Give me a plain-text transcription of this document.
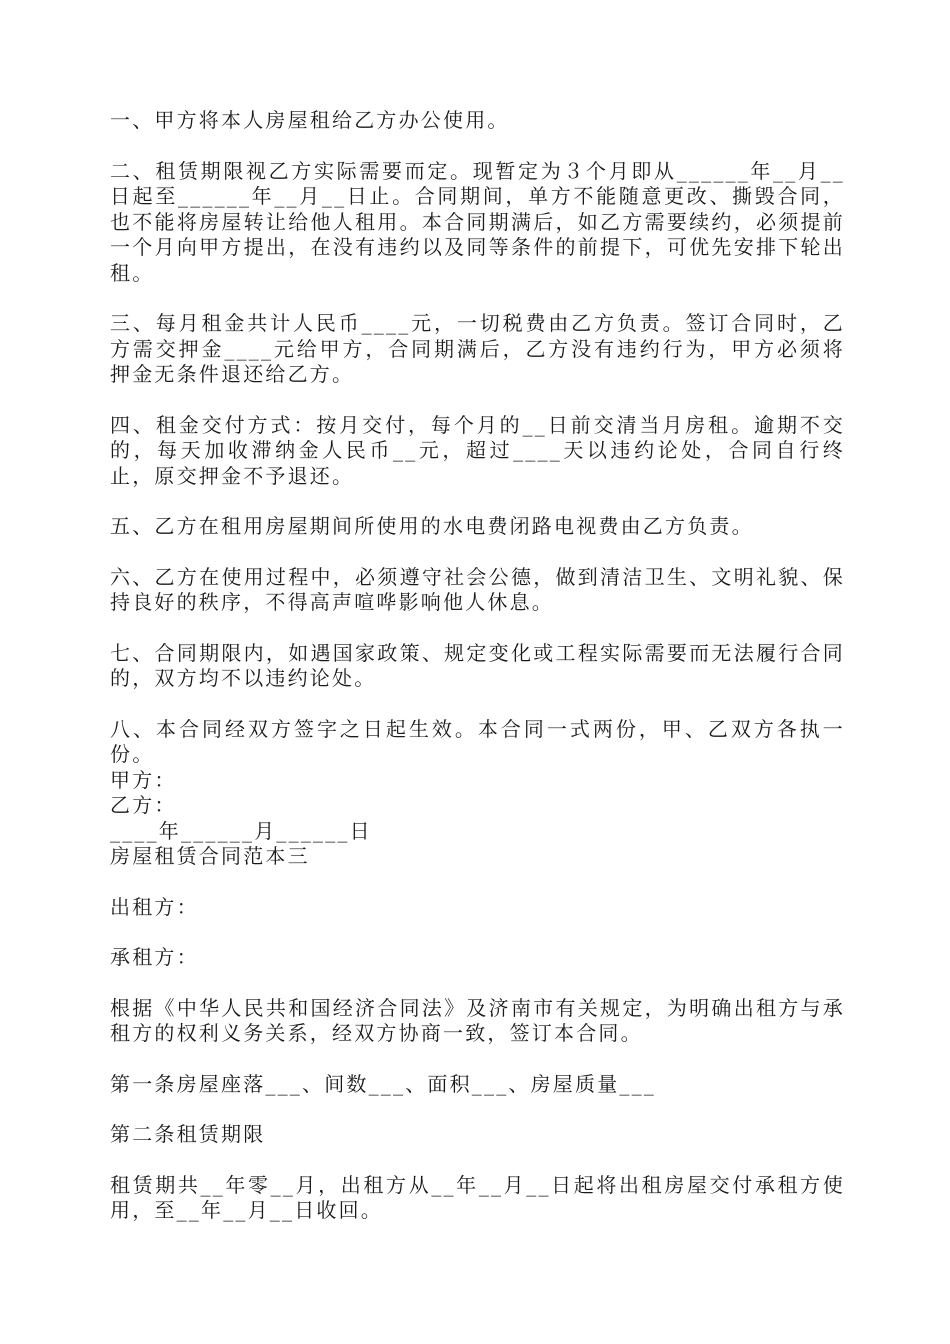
一、甲方将本人房屋租给乙方办公使用。

二、租赁期限视乙方实际需要而定。现暂定为３个月即从______年__月__日起至______年__月__日止。合同期间，单方不能随意更改、撕毁合同，也不能将房屋转让给他人租用。本合同期满后，如乙方需要续约，必须提前一个月向甲方提出，在没有违约以及同等条件的前提下，可优先安排下轮出租。

三、每月租金共计人民币____元，一切税费由乙方负责。签订合同时，乙方需交押金____元给甲方，合同期满后，乙方没有违约行为，甲方必须将押金无条件退还给乙方。

四、租金交付方式：按月交付，每个月的__日前交清当月房租。逾期不交的，每天加收滞纳金人民币__元，超过____天以违约论处，合同自行终止，原交押金不予退还。

五、乙方在租用房屋期间所使用的水电费闭路电视费由乙方负责。

六、乙方在使用过程中，必须遵守社会公德，做到清洁卫生、文明礼貌、保持良好的秩序，不得高声喧哗影响他人休息。

七、合同期限内，如遇国家政策、规定变化或工程实际需要而无法履行合同的，双方均不以违约论处。

八、本合同经双方签字之日起生效。本合同一式两份，甲、乙双方各执一份。

甲方：

乙方：

____年______月______日

房屋租赁合同范本三

出租方：

承租方：

根据《中华人民共和国经济合同法》及济南市有关规定，为明确出租方与承租方的权利义务关系，经双方协商一致，签订本合同。

第一条房屋座落___、间数___、面积___、房屋质量___

第二条租赁期限

租赁期共__年零__月，出租方从__年__月__日起将出租房屋交付承租方使用，至__年__月__日收回。
